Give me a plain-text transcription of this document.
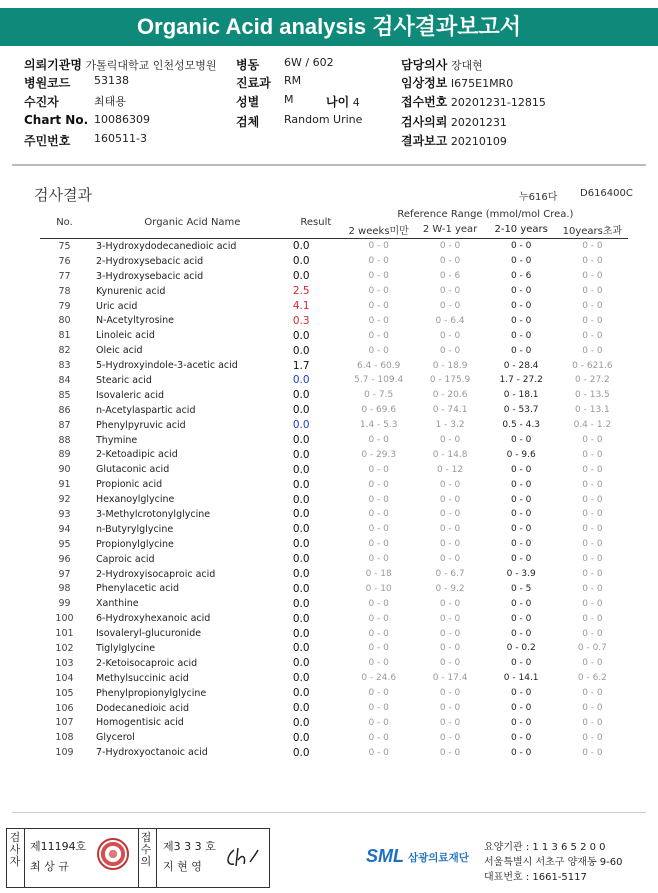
Organic Acid analysis 검사결과보고서
의뢰기관명 가톨릭대학교 인천성모병원 병동 6W / 602	담당의사 장대현
병원코드 53138	진료과 RM	임상정보 I675E1MR0
수진자	최태용	성별 M	나이 4	접수번호 20201231-12815
Chart No. 10086309	검체 Random Urine	검사의뢰 20201231
주민번호 160511-3	결과보고 20210109
검사결과	누616다 D616400C
No.	Organic Acid Name	Result	Reference Range (mmol/mol Crea.)			
			2 weeks미만	2 W-1 year	2-10 years	10years초과
75	3-Hydroxydodecanedioic acid	0.0	0 - 0	0 - 0	0 - 0	0 - 0
76	2-Hydroxysebacic acid	0.0	0 - 0	0 - 0	0 - 0	0 - 0
77	3-Hydroxysebacic acid	0.0	0 - 0	0 - 6	0 - 6	0 - 0
78	Kynurenic acid	2.5	0 - 0	0 - 0	0 - 0	0 - 0
79	Uric acid	4.1	0 - 0	0 - 0	0 - 0	0 - 0
80	N-Acetyltyrosine	0.3	0 - 0	0 - 6.4	0 - 0	0 - 0
81	Linoleic acid	0.0	0 - 0	0 - 0	0 - 0	0 - 0
82	Oleic acid	0.0	0 - 0	0 - 0	0 - 0	0 - 0
83	5-Hydroxyindole-3-acetic acid	1.7	6.4 - 60.9	0 - 18.9	0 - 28.4	0 - 621.6
84	Stearic acid	0.0	5.7 - 109.4	0 - 175.9	1.7 - 27.2	0 - 27.2
85	Isovaleric acid	0.0	0 - 7.5	0 - 20.6	0 - 18.1	0 - 13.5
86	n-Acetylaspartic acid	0.0	0 - 69.6	0 - 74.1	0 - 53.7	0 - 13.1
87	Phenylpyruvic acid	0.0	1.4 - 5.3	1 - 3.2	0.5 - 4.3	0.4 - 1.2
88	Thymine	0.0	0 - 0	0 - 0	0 - 0	0 - 0
89	2-Ketoadipic acid	0.0	0 - 29.3	0 - 14.8	0 - 9.6	0 - 0
90	Glutaconic acid	0.0	0 - 0	0 - 12	0 - 0	0 - 0
91	Propionic acid	0.0	0 - 0	0 - 0	0 - 0	0 - 0
92	Hexanoylglycine	0.0	0 - 0	0 - 0	0 - 0	0 - 0
93	3-Methylcrotonylglycine	0.0	0 - 0	0 - 0	0 - 0	0 - 0
94	n-Butyrylglycine	0.0	0 - 0	0 - 0	0 - 0	0 - 0
95	Propionylglycine	0.0	0 - 0	0 - 0	0 - 0	0 - 0
96	Caproic acid	0.0	0 - 0	0 - 0	0 - 0	0 - 0
97	2-Hydroxyisocaproic acid	0.0	0 - 18	0 - 6.7	0 - 3.9	0 - 0
98	Phenylacetic acid	0.0	0 - 10	0 - 9.2	0 - 5	0 - 0
99	Xanthine	0.0	0 - 0	0 - 0	0 - 0	0 - 0
100	6-Hydroxyhexanoic acid	0.0	0 - 0	0 - 0	0 - 0	0 - 0
101	Isovaleryl-glucuronide	0.0	0 - 0	0 - 0	0 - 0	0 - 0
102	Tiglylglycine	0.0	0 - 0	0 - 0	0 - 0.2	0 - 0.7
103	2-Ketoisocaproic acid	0.0	0 - 0	0 - 0	0 - 0	0 - 0
104	Methylsuccinic acid	0.0	0 - 24.6	0 - 17.4	0 - 14.1	0 - 6.2
105	Phenylpropionylglycine	0.0	0 - 0	0 - 0	0 - 0	0 - 0
106	Dodecanedioic acid	0.0	0 - 0	0 - 0	0 - 0	0 - 0
107	Homogentisic acid	0.0	0 - 0	0 - 0	0 - 0	0 - 0
108	Glycerol	0.0	0 - 0	0 - 0	0 - 0	0 - 0
109	7-Hydroxyoctanoic acid	0.0	0 - 0	0 - 0	0 - 0	0 - 0
검
사
자
제11194호
최 상 규
접
수
의
제3 3 3 호
지 현 영
SML 삼광의료재단
요양기관 : 1 1 3 6 5 2 0 0
서울특별시 서초구 양재동 9-60
대표번호 : 1661-5117
